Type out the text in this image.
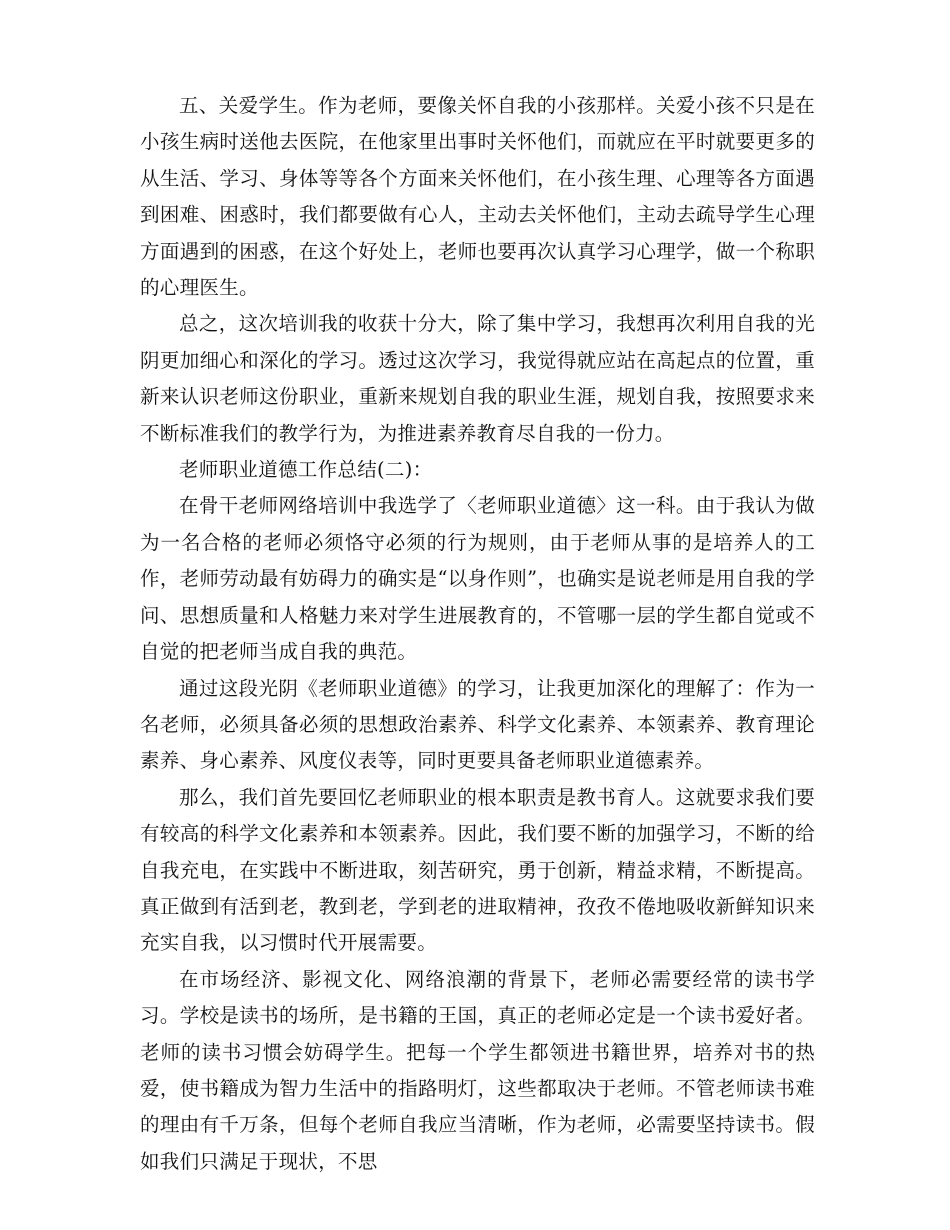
五、关爱学生。作为老师，要像关怀自我的小孩那样。关爱小孩不只是在小孩生病时送他去医院，在他家里出事时关怀他们，而就应在平时就要更多的从生活、学习、身体等等各个方面来关怀他们，在小孩生理、心理等各方面遇到困难、困惑时，我们都要做有心人，主动去关怀他们，主动去疏导学生心理方面遇到的困惑，在这个好处上，老师也要再次认真学习心理学，做一个称职的心理医生。

总之，这次培训我的收获十分大，除了集中学习，我想再次利用自我的光阴更加细心和深化的学习。透过这次学习，我觉得就应站在高起点的位置，重新来认识老师这份职业，重新来规划自我的职业生涯，规划自我，按照要求来不断标准我们的教学行为，为推进素养教育尽自我的一份力。

老师职业道德工作总结(二)：

在骨干老师网络培训中我选学了〈老师职业道德〉这一科。由于我认为做为一名合格的老师必须恪守必须的行为规则，由于老师从事的是培养人的工作，老师劳动最有妨碍力的确实是“以身作则”，也确实是说老师是用自我的学问、思想质量和人格魅力来对学生进展教育的，不管哪一层的学生都自觉或不自觉的把老师当成自我的典范。

通过这段光阴《老师职业道德》的学习，让我更加深化的理解了：作为一名老师，必须具备必须的思想政治素养、科学文化素养、本领素养、教育理论素养、身心素养、风度仪表等，同时更要具备老师职业道德素养。

那么，我们首先要回忆老师职业的根本职责是教书育人。这就要求我们要有较高的科学文化素养和本领素养。因此，我们要不断的加强学习，不断的给自我充电，在实践中不断进取，刻苦研究，勇于创新，精益求精，不断提高。真正做到有活到老，教到老，学到老的进取精神，孜孜不倦地吸收新鲜知识来充实自我，以习惯时代开展需要。

在市场经济、影视文化、网络浪潮的背景下，老师必需要经常的读书学习。学校是读书的场所，是书籍的王国，真正的老师必定是一个读书爱好者。老师的读书习惯会妨碍学生。把每一个学生都领进书籍世界，培养对书的热爱，使书籍成为智力生活中的指路明灯，这些都取决于老师。不管老师读书难的理由有千万条，但每个老师自我应当清晰，作为老师，必需要坚持读书。假如我们只满足于现状，不思
